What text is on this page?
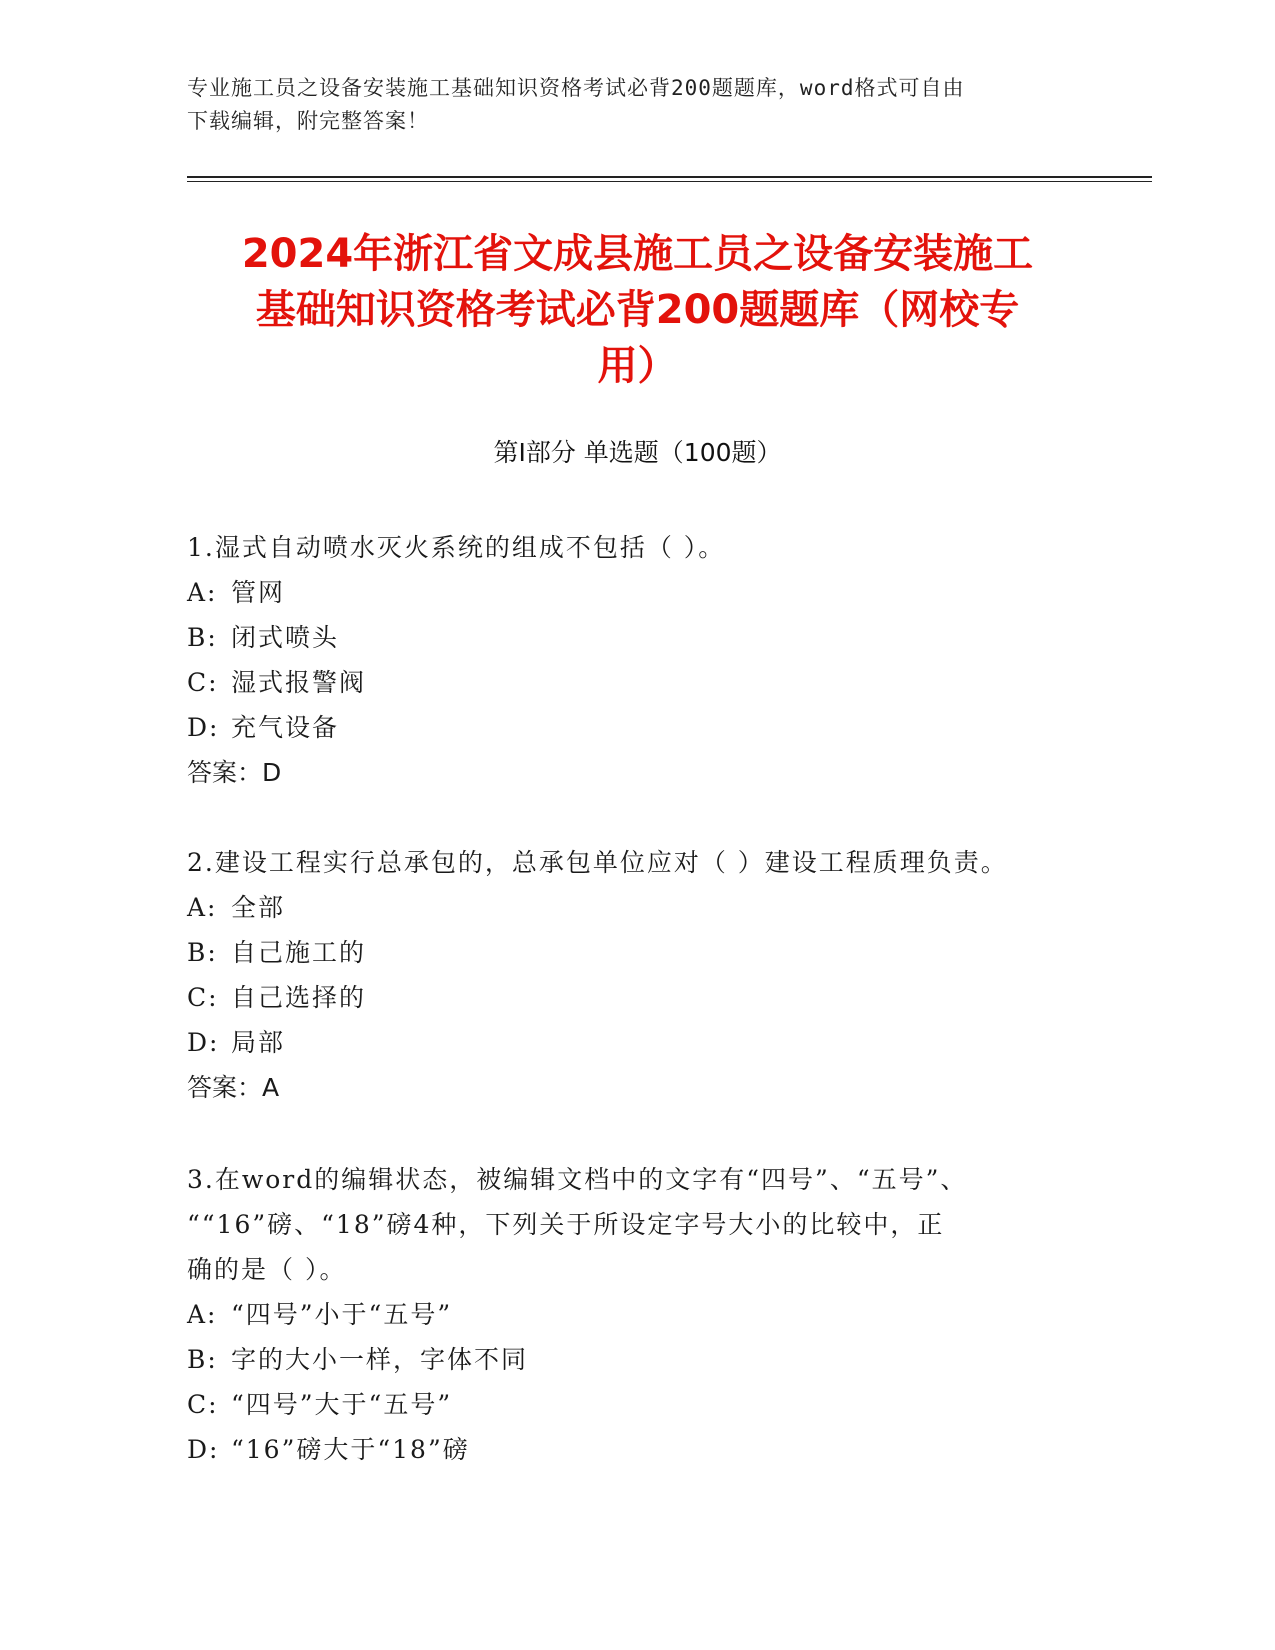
专业施工员之设备安装施工基础知识资格考试必背200题题库，word格式可自由
下载编辑，附完整答案！
2024年浙江省文成县施工员之设备安装施工
基础知识资格考试必背200题题库（网校专
用）
第Ⅰ部分 单选题（100题）

1.湿式自动喷水灭火系统的组成不包括（ ）。

A: 管网

B: 闭式喷头

C: 湿式报警阀

D: 充气设备

答案：D

2.建设工程实行总承包的，总承包单位应对（ ）建设工程质理负责。

A: 全部

B: 自己施工的

C: 自己选择的

D: 局部

答案：A

3.在word的编辑状态，被编辑文档中的文字有“四号”、“五号”、

““16”磅、“18”磅4种，下列关于所设定字号大小的比较中，正

确的是（ ）。

A: “四号”小于“五号”

B: 字的大小一样，字体不同

C: “四号”大于“五号”

D: “16”磅大于“18”磅
